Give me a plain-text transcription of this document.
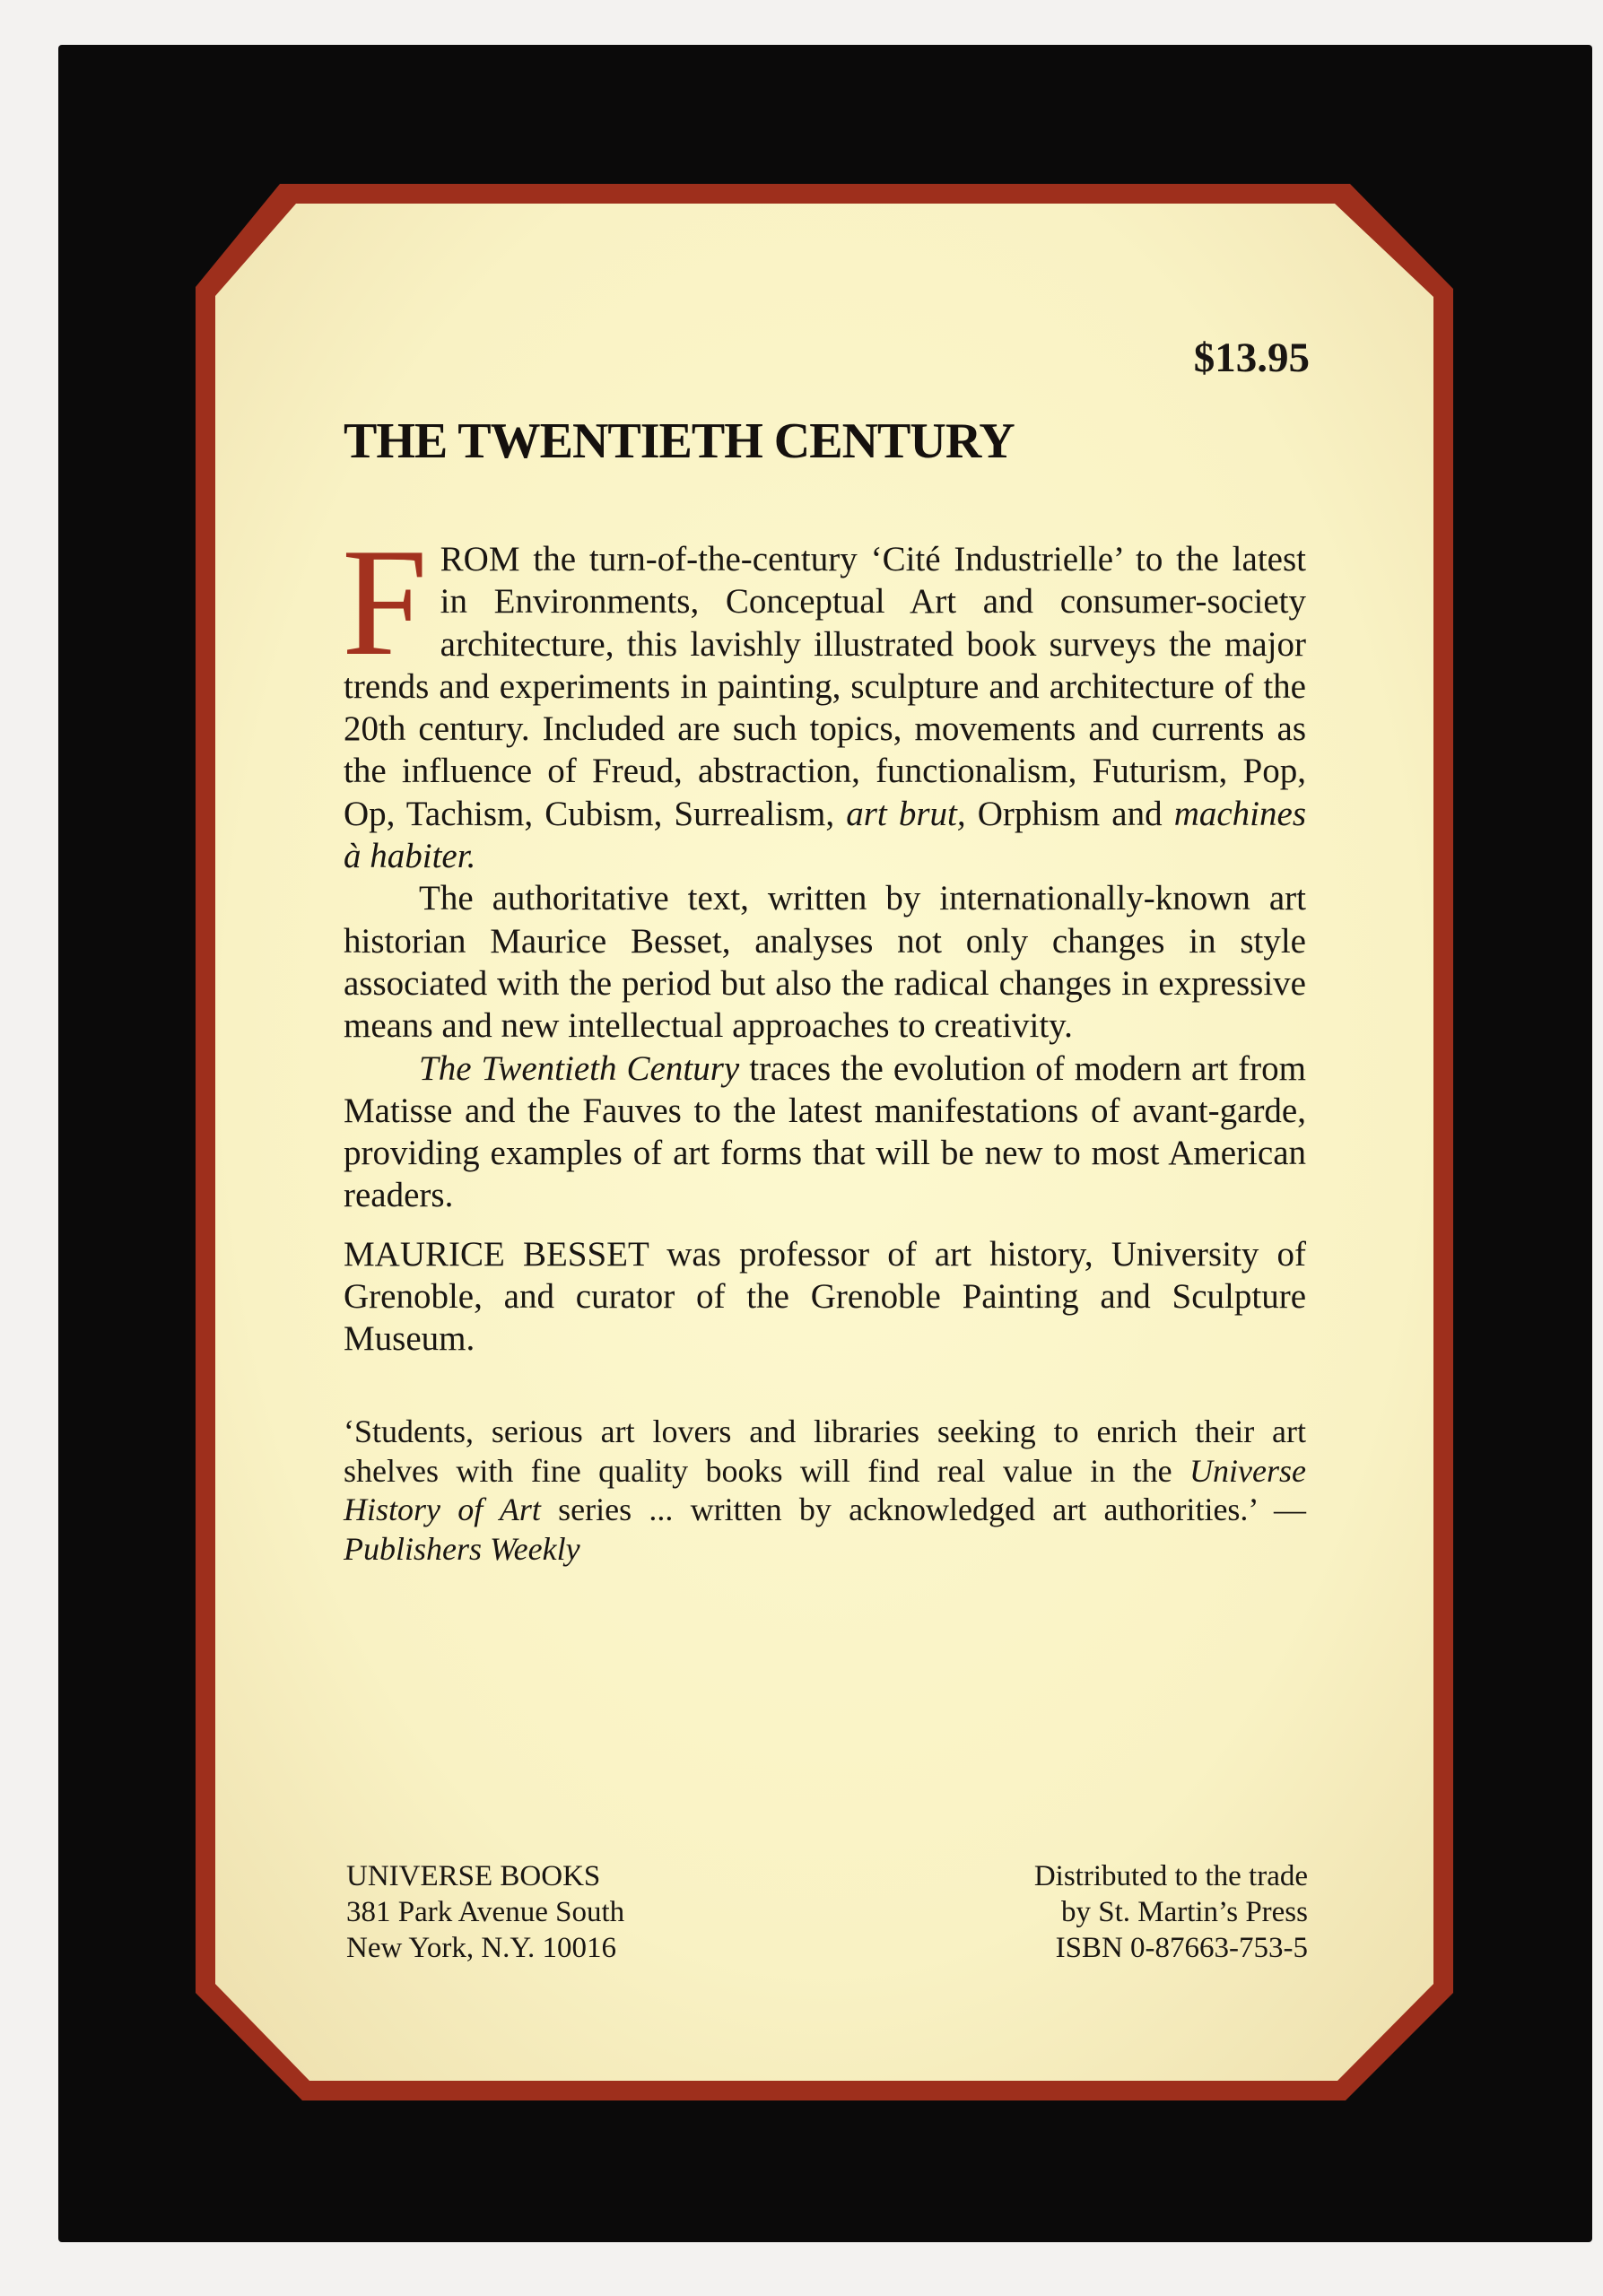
$13.95
THE TWENTIETH CENTURY

FROM the turn-of-the-century ‘Cité Industrielle’ to the latest in Environments, Conceptual Art and consumer-society architecture, this lavishly illustrated book surveys the major trends and experiments in painting, sculpture and architecture of the 20th century. Included are such topics, movements and currents as the influence of Freud, abstraction, functionalism, Futurism, Pop, Op, Tachism, Cubism, Surrealism, art brut, Orphism and machines à habiter.

The authoritative text, written by internationally-known art historian Maurice Besset, analyses not only changes in style associated with the period but also the radical changes in expressive means and new intellectual approaches to creativity.

The Twentieth Century traces the evolution of modern art from Matisse and the Fauves to the latest manifestations of avant-garde, providing examples of art forms that will be new to most American readers.

MAURICE BESSET was professor of art history, University of Grenoble, and curator of the Grenoble Painting and Sculpture Museum.

‘Students, serious art lovers and libraries seeking to enrich their art shelves with fine quality books will find real value in the Universe History of Art series ... written by acknowledged art authorities.’ — Publishers Weekly

UNIVERSE BOOKS
381 Park Avenue South
New York, N.Y. 10016
Distributed to the trade
by St. Martin’s Press
ISBN 0-87663-753-5
